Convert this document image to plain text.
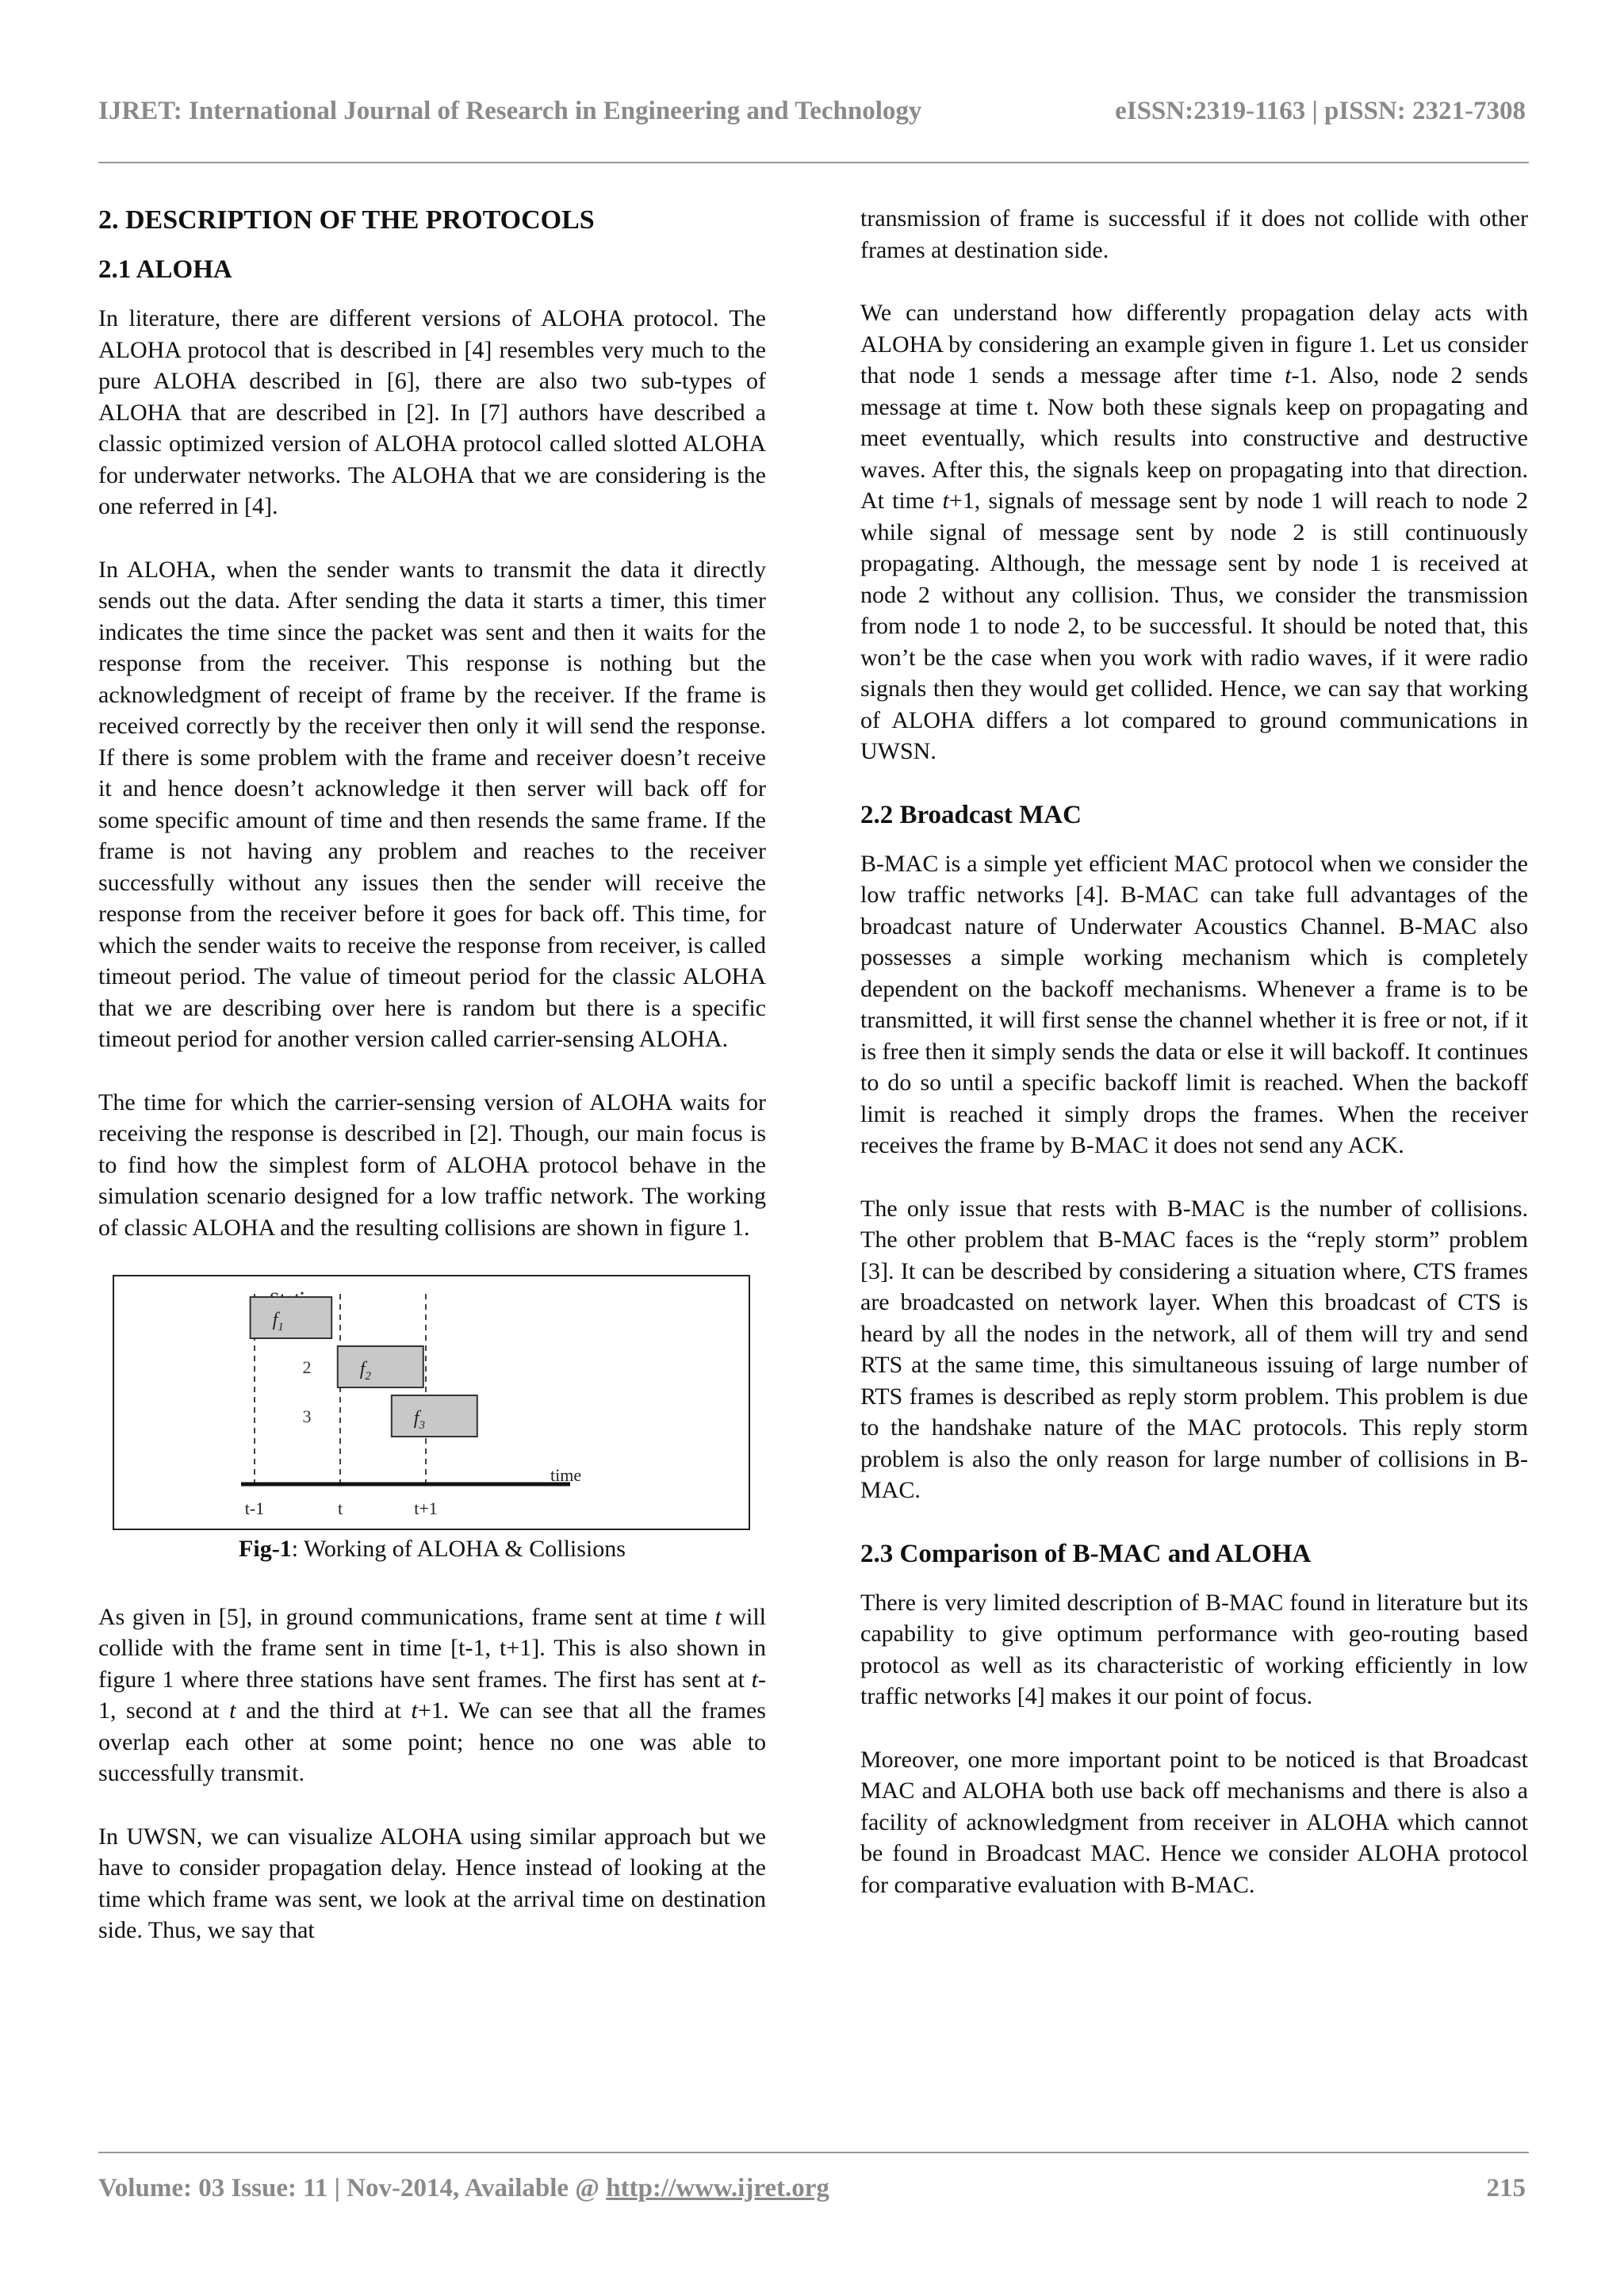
IJRET: International Journal of Research in Engineering and Technology	eISSN:2319-1163 | pISSN: 2321-7308
2. DESCRIPTION OF THE PROTOCOLS
2.1 ALOHA

In literature, there are different versions of ALOHA protocol. The ALOHA protocol that is described in [4] resembles very much to the pure ALOHA described in [6], there are also two sub-types of ALOHA that are described in [2]. In [7] authors have described a classic optimized version of ALOHA protocol called slotted ALOHA for underwater networks. The ALOHA that we are considering is the one referred in [4].

In ALOHA, when the sender wants to transmit the data it directly sends out the data. After sending the data it starts a timer, this timer indicates the time since the packet was sent and then it waits for the response from the receiver. This response is nothing but the acknowledgment of receipt of frame by the receiver. If the frame is received correctly by the receiver then only it will send the response. If there is some problem with the frame and receiver doesn’t receive it and hence doesn’t acknowledge it then server will back off for some specific amount of time and then resends the same frame. If the frame is not having any problem and reaches to the receiver successfully without any issues then the sender will receive the response from the receiver before it goes for back off. This time, for which the sender waits to receive the response from receiver, is called timeout period. The value of timeout period for the classic ALOHA that we are describing over here is random but there is a specific timeout period for another version called carrier-sensing ALOHA.

The time for which the carrier-sensing version of ALOHA waits for receiving the response is described in [2]. Though, our main focus is to find how the simplest form of ALOHA protocol behave in the simulation scenario designed for a low traffic network. The working of classic ALOHA and the resulting collisions are shown in figure 1.

2
3
$f_1$
$f_2$
$f_3$
time
t-1	t	t+1
Fig-1: Working of ALOHA & Collisions

As given in [5], in ground communications, frame sent at time t will collide with the frame sent in time [t-1, t+1]. This is also shown in figure 1 where three stations have sent frames. The first has sent at t-1, second at t and the third at t+1. We can see that all the frames overlap each other at some point; hence no one was able to successfully transmit.

In UWSN, we can visualize ALOHA using similar approach but we have to consider propagation delay. Hence instead of looking at the time which frame was sent, we look at the arrival time on destination side. Thus, we say that

transmission of frame is successful if it does not collide with other frames at destination side.

We can understand how differently propagation delay acts with ALOHA by considering an example given in figure 1. Let us consider that node 1 sends a message after time t-1. Also, node 2 sends message at time t. Now both these signals keep on propagating and meet eventually, which results into constructive and destructive waves. After this, the signals keep on propagating into that direction. At time t+1, signals of message sent by node 1 will reach to node 2 while signal of message sent by node 2 is still continuously propagating. Although, the message sent by node 1 is received at node 2 without any collision. Thus, we consider the transmission from node 1 to node 2, to be successful. It should be noted that, this won’t be the case when you work with radio waves, if it were radio signals then they would get collided. Hence, we can say that working of ALOHA differs a lot compared to ground communications in UWSN.

2.2 Broadcast MAC

B-MAC is a simple yet efficient MAC protocol when we consider the low traffic networks [4]. B-MAC can take full advantages of the broadcast nature of Underwater Acoustics Channel. B-MAC also possesses a simple working mechanism which is completely dependent on the backoff mechanisms. Whenever a frame is to be transmitted, it will first sense the channel whether it is free or not, if it is free then it simply sends the data or else it will backoff. It continues to do so until a specific backoff limit is reached. When the backoff limit is reached it simply drops the frames. When the receiver receives the frame by B-MAC it does not send any ACK.

The only issue that rests with B-MAC is the number of collisions. The other problem that B-MAC faces is the “reply storm” problem [3]. It can be described by considering a situation where, CTS frames are broadcasted on network layer. When this broadcast of CTS is heard by all the nodes in the network, all of them will try and send RTS at the same time, this simultaneous issuing of large number of RTS frames is described as reply storm problem. This problem is due to the handshake nature of the MAC protocols. This reply storm problem is also the only reason for large number of collisions in B-MAC.

2.3 Comparison of B-MAC and ALOHA

There is very limited description of B-MAC found in literature but its capability to give optimum performance with geo-routing based protocol as well as its characteristic of working efficiently in low traffic networks [4] makes it our point of focus.

Moreover, one more important point to be noticed is that Broadcast MAC and ALOHA both use back off mechanisms and there is also a facility of acknowledgment from receiver in ALOHA which cannot be found in Broadcast MAC. Hence we consider ALOHA protocol for comparative evaluation with B-MAC.

Volume: 03 Issue: 11 | Nov-2014, Available @ http://www.ijret.org	215
